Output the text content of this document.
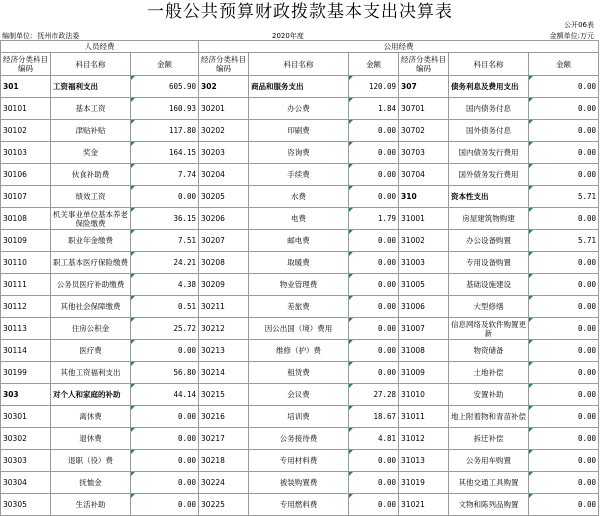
一般公共预算财政拨款基本支出决算表
公开06表
编制单位: 抚州市政法委	2020年度	金额单位:万元
人员经费			公用经费					
经济分类科目编码	科目名称	金额	经济分类科目编码	科目名称	金额	经济分类科目编码	科目名称	金额
301	工资福利支出	605.90	302	商品和服务支出	120.09	307	债务利息及费用支出	0.00
30101	基本工资	160.93	30201	办公费	1.84	30701	国内债务付息	0.00
30102	津贴补贴	117.80	30202	印刷费	0.00	30702	国外债务付息	0.00
30103	奖金	164.15	30203	咨询费	0.00	30703	国内债务发行费用	0.00
30106	伙食补助费	7.74	30204	手续费	0.00	30704	国外债务发行费用	0.00
30107	绩效工资	0.00	30205	水费	0.00	310	资本性支出	5.71
30108	机关事业单位基本养老保险缴费	36.15	30206	电费	1.79	31001	房屋建筑物购建	0.00
30109	职业年金缴费	7.51	30207	邮电费	0.00	31002	办公设备购置	5.71
30110	职工基本医疗保险缴费	24.21	30208	取暖费	0.00	31003	专用设备购置	0.00
30111	公务员医疗补助缴费	4.38	30209	物业管理费	0.00	31005	基础设施建设	0.00
30112	其他社会保障缴费	0.51	30211	差旅费	0.00	31006	大型修缮	0.00
30113	住房公积金	25.72	30212	因公出国（境）费用	0.00	31007	信息网络及软件购置更新	0.00
30114	医疗费	0.00	30213	维修（护）费	0.00	31008	物资储备	0.00
30199	其他工资福利支出	56.80	30214	租赁费	0.00	31009	土地补偿	0.00
303	对个人和家庭的补助	44.14	30215	会议费	27.28	31010	安置补助	0.00
30301	离休费	0.00	30216	培训费	18.67	31011	地上附着物和青苗补偿	0.00
30302	退休费	0.00	30217	公务接待费	4.81	31012	拆迁补偿	0.00
30303	退职（役）费	0.00	30218	专用材料费	0.00	31013	公务用车购置	0.00
30304	抚恤金	0.00	30224	被装购置费	0.00	31019	其他交通工具购置	0.00
30305	生活补助	0.00	30225	专用燃料费	0.00	31021	文物和陈列品购置	0.00
